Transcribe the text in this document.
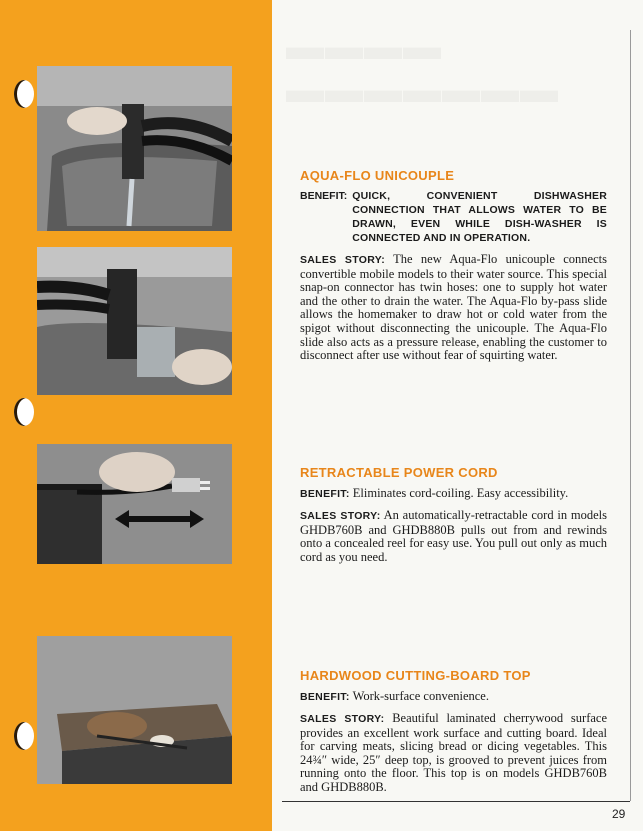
▬▬▬▬
▬▬▬▬▬▬▬
AQUA-FLO UNICOUPLE
BENEFIT: QUICK, CONVENIENT DISHWASHER CONNECTION THAT ALLOWS WATER TO BE DRAWN, EVEN WHILE DISH-WASHER IS CONNECTED AND IN OPERATION.

SALES STORY: The new Aqua-Flo unicouple connects convertible mobile models to their water source. This special snap-on connector has twin hoses: one to supply hot water and the other to drain the water. The Aqua-Flo by-pass slide allows the homemaker to draw hot or cold water from the spigot without disconnecting the unicouple. The Aqua-Flo slide also acts as a pressure release, enabling the customer to disconnect after use without fear of squirting water.

RETRACTABLE POWER CORD

BENEFIT: Eliminates cord-coiling. Easy accessibility.

SALES STORY: An automatically-retractable cord in models GHDB760B and GHDB880B pulls out from and rewinds onto a concealed reel for easy use. You pull out only as much cord as you need.

HARDWOOD CUTTING-BOARD TOP

BENEFIT: Work-surface convenience.

SALES STORY: Beautiful laminated cherrywood surface provides an excellent work surface and cutting board. Ideal for carving meats, slicing bread or dicing vegetables. This 24¾″ wide, 25″ deep top, is grooved to prevent juices from running onto the floor. This top is on models GHDB760B and GHDB880B.

29
